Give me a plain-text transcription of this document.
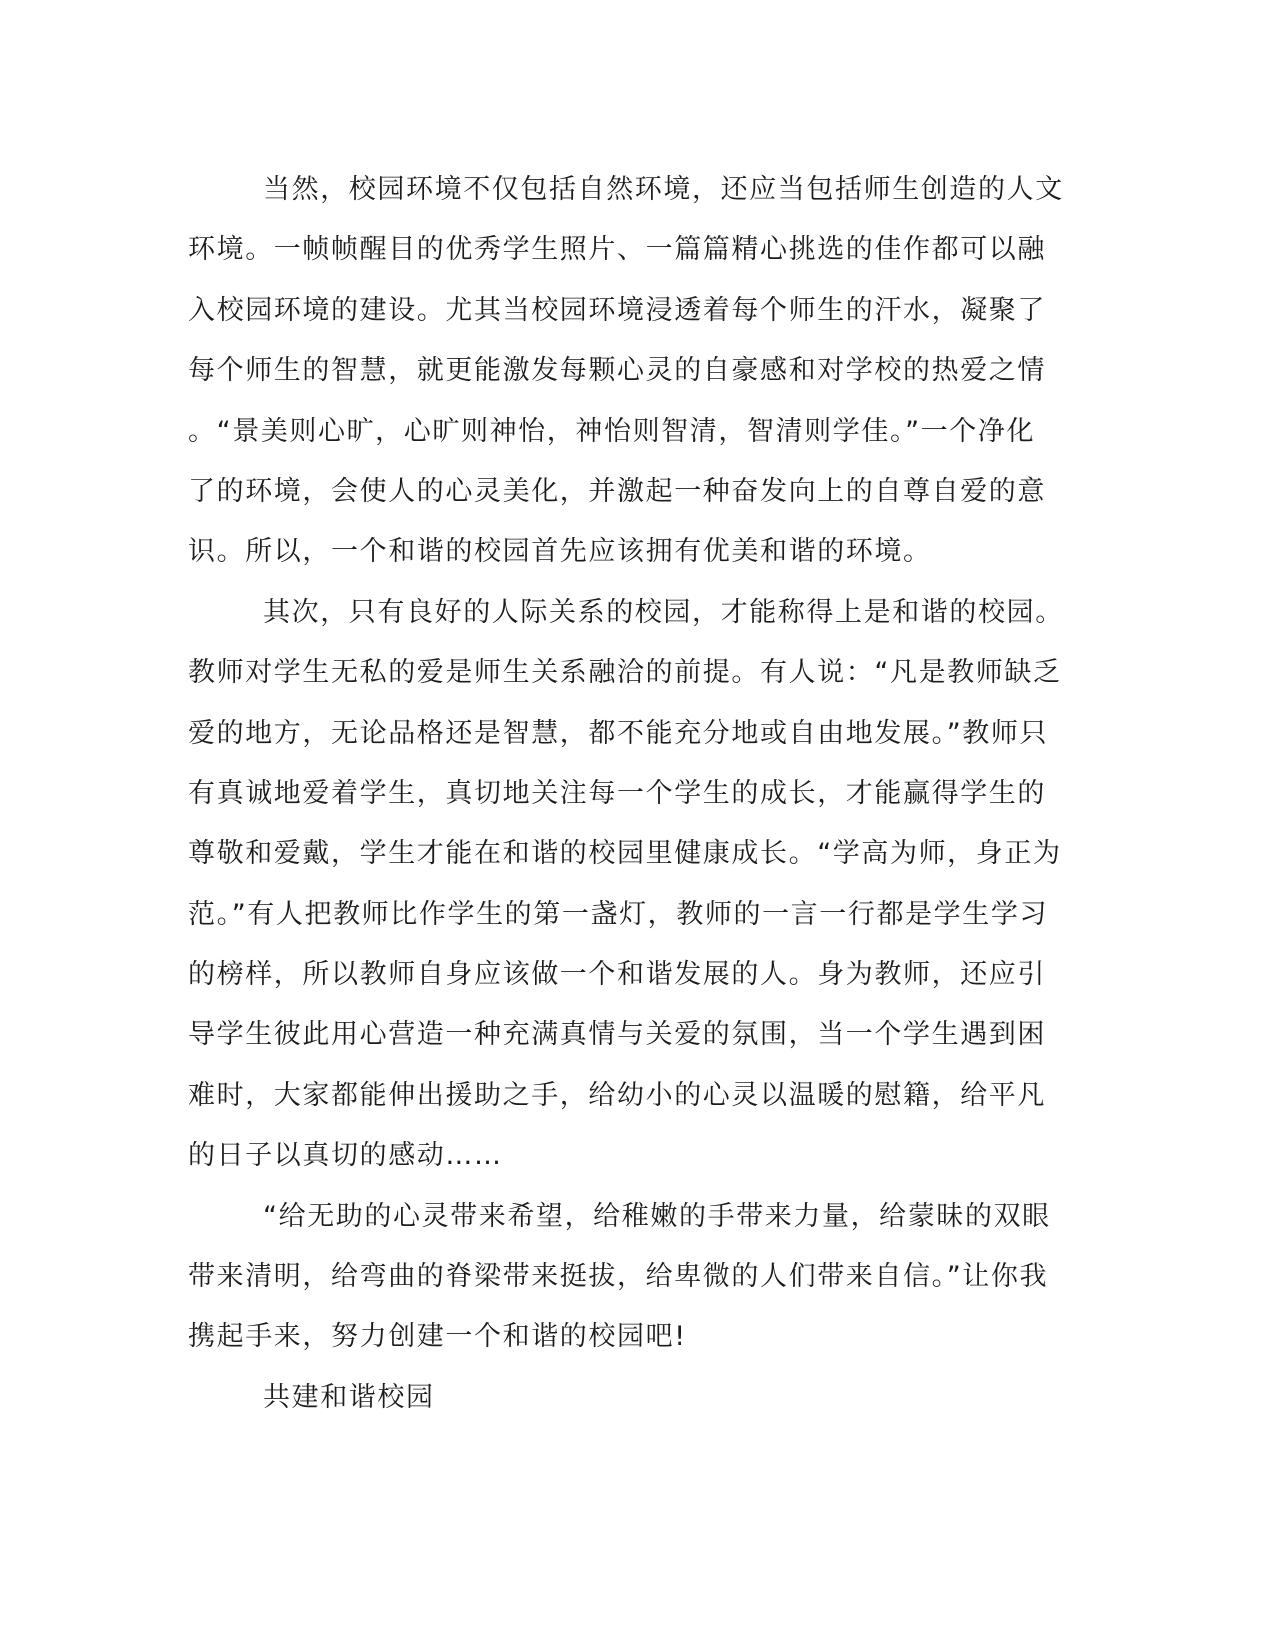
当然，校园环境不仅包括自然环境，还应当包括师生创造的人文
环境。一帧帧醒目的优秀学生照片、一篇篇精心挑选的佳作都可以融
入校园环境的建设。尤其当校园环境浸透着每个师生的汗水，凝聚了
每个师生的智慧，就更能激发每颗心灵的自豪感和对学校的热爱之情
。“景美则心旷，心旷则神怡，神怡则智清，智清则学佳。”一个净化
了的环境，会使人的心灵美化，并激起一种奋发向上的自尊自爱的意
识。所以，一个和谐的校园首先应该拥有优美和谐的环境。
其次，只有良好的人际关系的校园，才能称得上是和谐的校园。
教师对学生无私的爱是师生关系融洽的前提。有人说：“凡是教师缺乏
爱的地方，无论品格还是智慧，都不能充分地或自由地发展。”教师只
有真诚地爱着学生，真切地关注每一个学生的成长，才能赢得学生的
尊敬和爱戴，学生才能在和谐的校园里健康成长。“学高为师，身正为
范。”有人把教师比作学生的第一盏灯，教师的一言一行都是学生学习
的榜样，所以教师自身应该做一个和谐发展的人。身为教师，还应引
导学生彼此用心营造一种充满真情与关爱的氛围，当一个学生遇到困
难时，大家都能伸出援助之手，给幼小的心灵以温暖的慰籍，给平凡
的日子以真切的感动……
“给无助的心灵带来希望，给稚嫩的手带来力量，给蒙昧的双眼
带来清明，给弯曲的脊梁带来挺拔，给卑微的人们带来自信。”让你我
携起手来，努力创建一个和谐的校园吧!
共建和谐校园
